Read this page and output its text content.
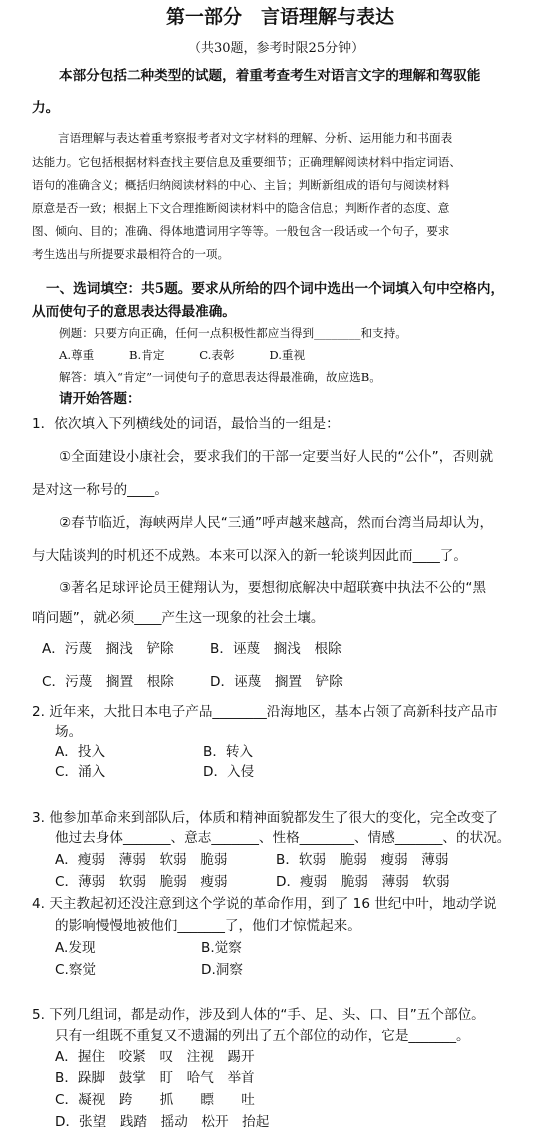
第一部分　言语理解与表达
（共30题，参考时限25分钟）
本部分包括二种类型的试题，着重考查考生对语言文字的理解和驾驭能
力。
言语理解与表达着重考察报考者对文字材料的理解、分析、运用能力和书面表
达能力。它包括根据材料查找主要信息及重要细节；正确理解阅读材料中指定词语、
语句的准确含义；概括归纳阅读材料的中心、主旨；判断新组成的语句与阅读材料
原意是否一致；根据上下文合理推断阅读材料中的隐含信息；判断作者的态度、意
图、倾向、目的；准确、得体地遣词用字等等。一般包含一段话或一个句子，要求
考生选出与所提要求最相符合的一项。
一、选词填空：共5题。要求从所给的四个词中选出一个词填入句中空格内，
从而使句子的意思表达得最准确。
例题：只要方向正确，任何一点积极性都应当得到________和支持。
A.尊重　　　B.肯定　　　C.表彰　　　D.重视
解答：填入“肯定”一词使句子的意思表达得最准确，故应选B。
请开始答题：
1．依次填入下列横线处的词语，最恰当的一组是：
①全面建设小康社会，要求我们的干部一定要当好人民的“公仆”，否则就
是对这一称号的____。
②春节临近，海峡两岸人民“三通”呼声越来越高，然而台湾当局却认为，
与大陆谈判的时机还不成熟。本来可以深入的新一轮谈判因此而____了。
③著名足球评论员王健翔认为，要想彻底解决中超联赛中执法不公的“黑
哨问题”，就必须____产生这一现象的社会土壤。
A．污蔑　搁浅　铲除	B．诬蔑　搁浅　根除
C．污蔑　搁置　根除	D．诬蔑　搁置　铲除
2. 近年来，大批日本电子产品________沿海地区，基本占领了高新科技产品市
场。
A．投入	B．转入
C．涌入	D．入侵
3. 他参加革命来到部队后，体质和精神面貌都发生了很大的变化，完全改变了
他过去身体_______、意志_______、性格________、情感_______、的状况。
A．瘦弱　薄弱　软弱　脆弱	B．软弱　脆弱　瘦弱　薄弱
C．薄弱　软弱　脆弱　瘦弱	D．瘦弱　脆弱　薄弱　软弱
4. 天主教起初还没注意到这个学说的革命作用，到了 16 世纪中叶，地动学说
的影响慢慢地被他们_______了，他们才惊慌起来。
A.发现	B.觉察
C.察觉	D.洞察
5. 下列几组词，都是动作，涉及到人体的“手、足、头、口、目”五个部位。
只有一组既不重复又不遗漏的列出了五个部位的动作，它是_______。
A．握住　咬紧　叹　注视　踢开
B．跺脚　鼓掌　盯　哈气　举首
C．凝视　跨　　抓　　瞟　　吐
D．张望　践踏　摇动　松开　抬起
